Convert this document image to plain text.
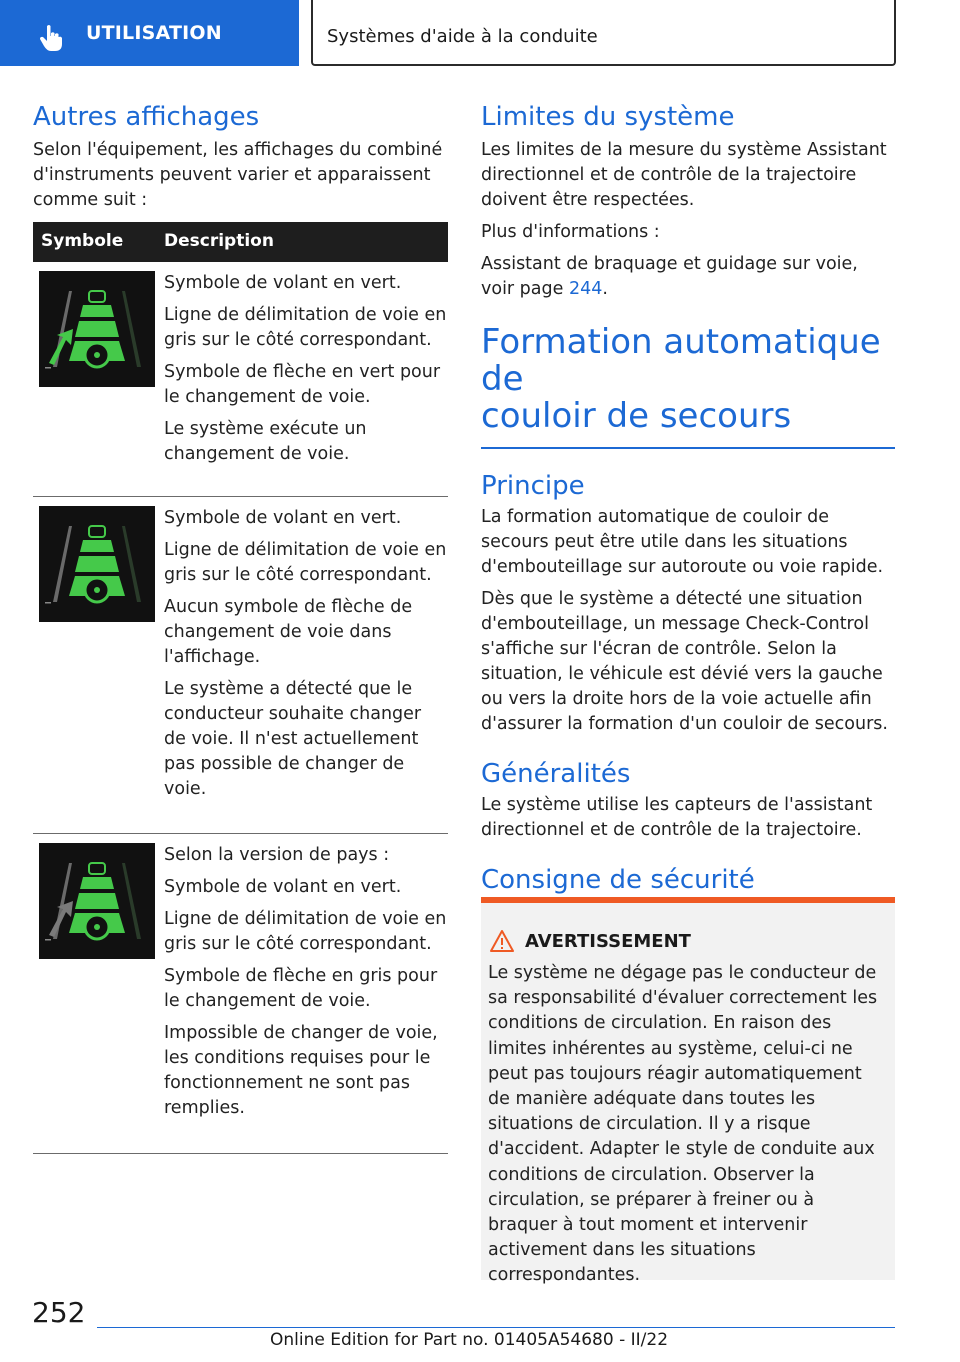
UTILISATION	Systèmes d'aide à la conduite
Autres affichages

Selon l'équipement, les affichages du combiné d'instruments peuvent varier et apparaissent comme suit :

Symbole Description

Symbole de volant en vert.

Ligne de délimitation de voie en gris sur le côté correspondant.

Symbole de flèche en vert pour le changement de voie.

Le système exécute un changement de voie.

Symbole de volant en vert.

Ligne de délimitation de voie en gris sur le côté correspondant.

Aucun symbole de flèche de changement de voie dans l'affichage.

Le système a détecté que le conducteur souhaite changer de voie. Il n'est actuellement pas possible de changer de voie.

Selon la version de pays :

Symbole de volant en vert.

Ligne de délimitation de voie en gris sur le côté correspondant.

Symbole de flèche en gris pour le changement de voie.

Impossible de changer de voie, les conditions requises pour le fonctionnement ne sont pas remplies.

Limites du système

Les limites de la mesure du système Assistant directionnel et de contrôle de la trajectoire doivent être respectées.

Plus d'informations :

Assistant de braquage et guidage sur voie, voir page 244.

Formation automatique de
couloir de secours
Principe

La formation automatique de couloir de secours peut être utile dans les situations d'embouteillage sur autoroute ou voie rapide.

Dès que le système a détecté une situation d'embouteillage, un message Check-Control s'affiche sur l'écran de contrôle. Selon la situation, le véhicule est dévié vers la gauche ou vers la droite hors de la voie actuelle afin d'assurer la formation d'un couloir de secours.

Généralités

Le système utilise les capteurs de l'assistant directionnel et de contrôle de la trajectoire.

Consigne de sécurité
AVERTISSEMENT
Le système ne dégage pas le conducteur de sa responsabilité d'évaluer correctement les conditions de circulation. En raison des limites inhérentes au système, celui-ci ne peut pas toujours réagir automatiquement de manière adéquate dans toutes les situations de circulation. Il y a risque d'accident. Adapter le style de conduite aux conditions de circulation. Observer la circulation, se préparer à freiner ou à braquer à tout moment et intervenir activement dans les situations correspondantes.
252
Online Edition for Part no. 01405A54680 - II/22
